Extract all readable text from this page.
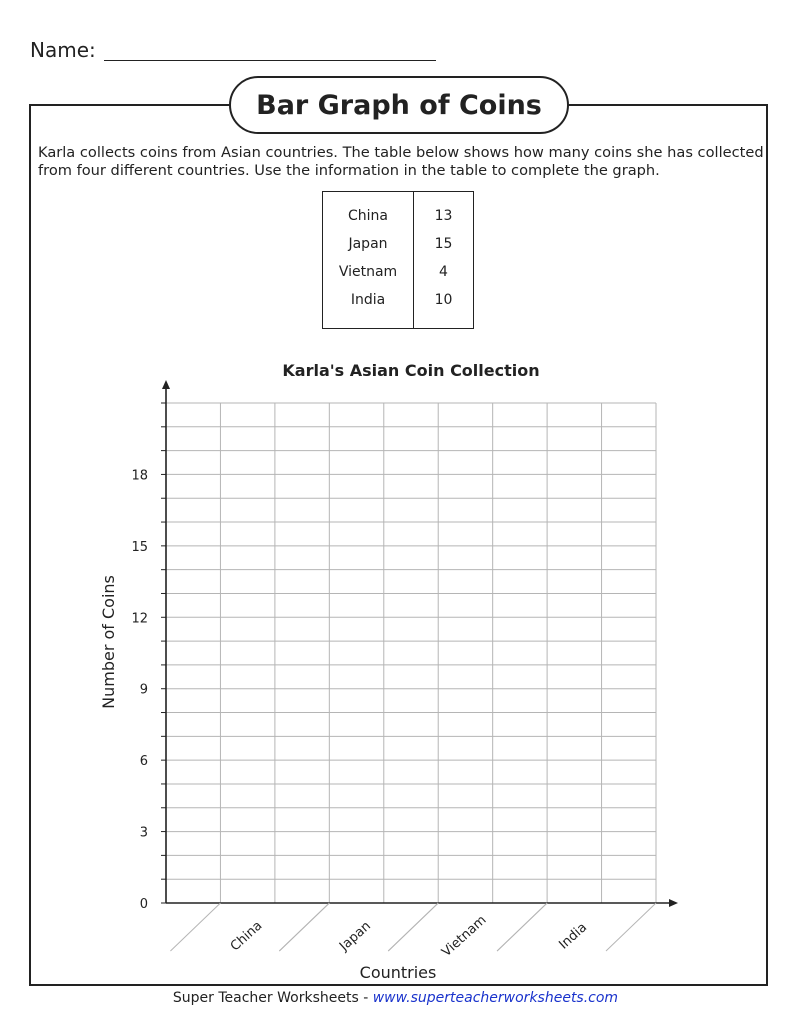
Name:
Bar Graph of Coins
Karla collects coins from Asian countries. The table below shows how many coins she has collected from four different countries. Use the information in the table to complete the graph.
China	13
Japan	15
Vietnam	4
India	10
Karla's Asian Coin Collection
0
3
6
9
12
15
18
China	Japan	Vietnam	India
Number of Coins
Countries
Super Teacher Worksheets - www.superteacherworksheets.com
